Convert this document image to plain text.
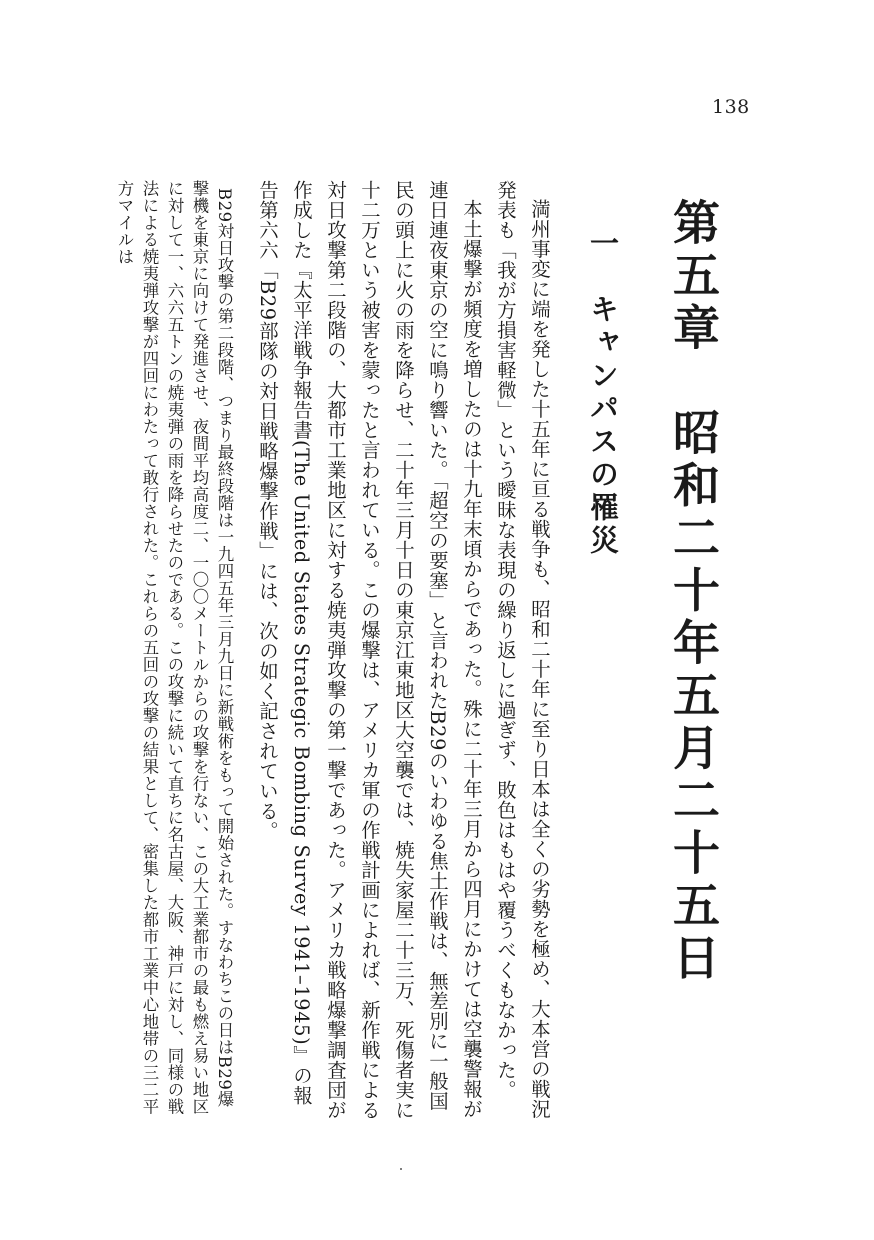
138
第五章　昭和二十年五月二十五日
一　キャンパスの罹災

満州事変に端を発した十五年に亘る戦争も、昭和二十年に至り日本は全くの劣勢を極め、大本営の戦況発表も「我が方損害軽微」という曖昧な表現の繰り返しに過ぎず、敗色はもはや覆うべくもなかった。

本土爆撃が頻度を増したのは十九年末頃からであった。殊に二十年三月から四月にかけては空襲警報が連日連夜東京の空に鳴り響いた。「超空の要塞」と言われたB29のいわゆる焦土作戦は、無差別に一般国民の頭上に火の雨を降らせ、二十年三月十日の東京江東地区大空襲では、焼失家屋二十三万、死傷者実に十二万という被害を蒙ったと言われている。この爆撃は、アメリカ軍の作戦計画によれば、新作戦による対日攻撃第二段階の、大都市工業地区に対する焼夷弾攻撃の第一撃であった。アメリカ戦略爆撃調査団が作成した『太平洋戦争報告書(The United States Strategic Bombing Survey 1941–1945)』の報告第六六「B29部隊の対日戦略爆撃作戦」には、次の如く記されている。

B29対日攻撃の第二段階、つまり最終段階は一九四五年三月九日に新戦術をもって開始された。すなわちこの日はB29爆撃機を東京に向けて発進させ、夜間平均高度二、一〇〇メートルからの攻撃を行ない、この大工業都市の最も燃え易い地区に対して一、六六五トンの焼夷弾の雨を降らせたのである。この攻撃に続いて直ちに名古屋、大阪、神戸に対し、同様の戦法による焼夷弾攻撃が四回にわたって敢行された。これらの五回の攻撃の結果として、密集した都市工業中心地帯の三二平方マイルは
